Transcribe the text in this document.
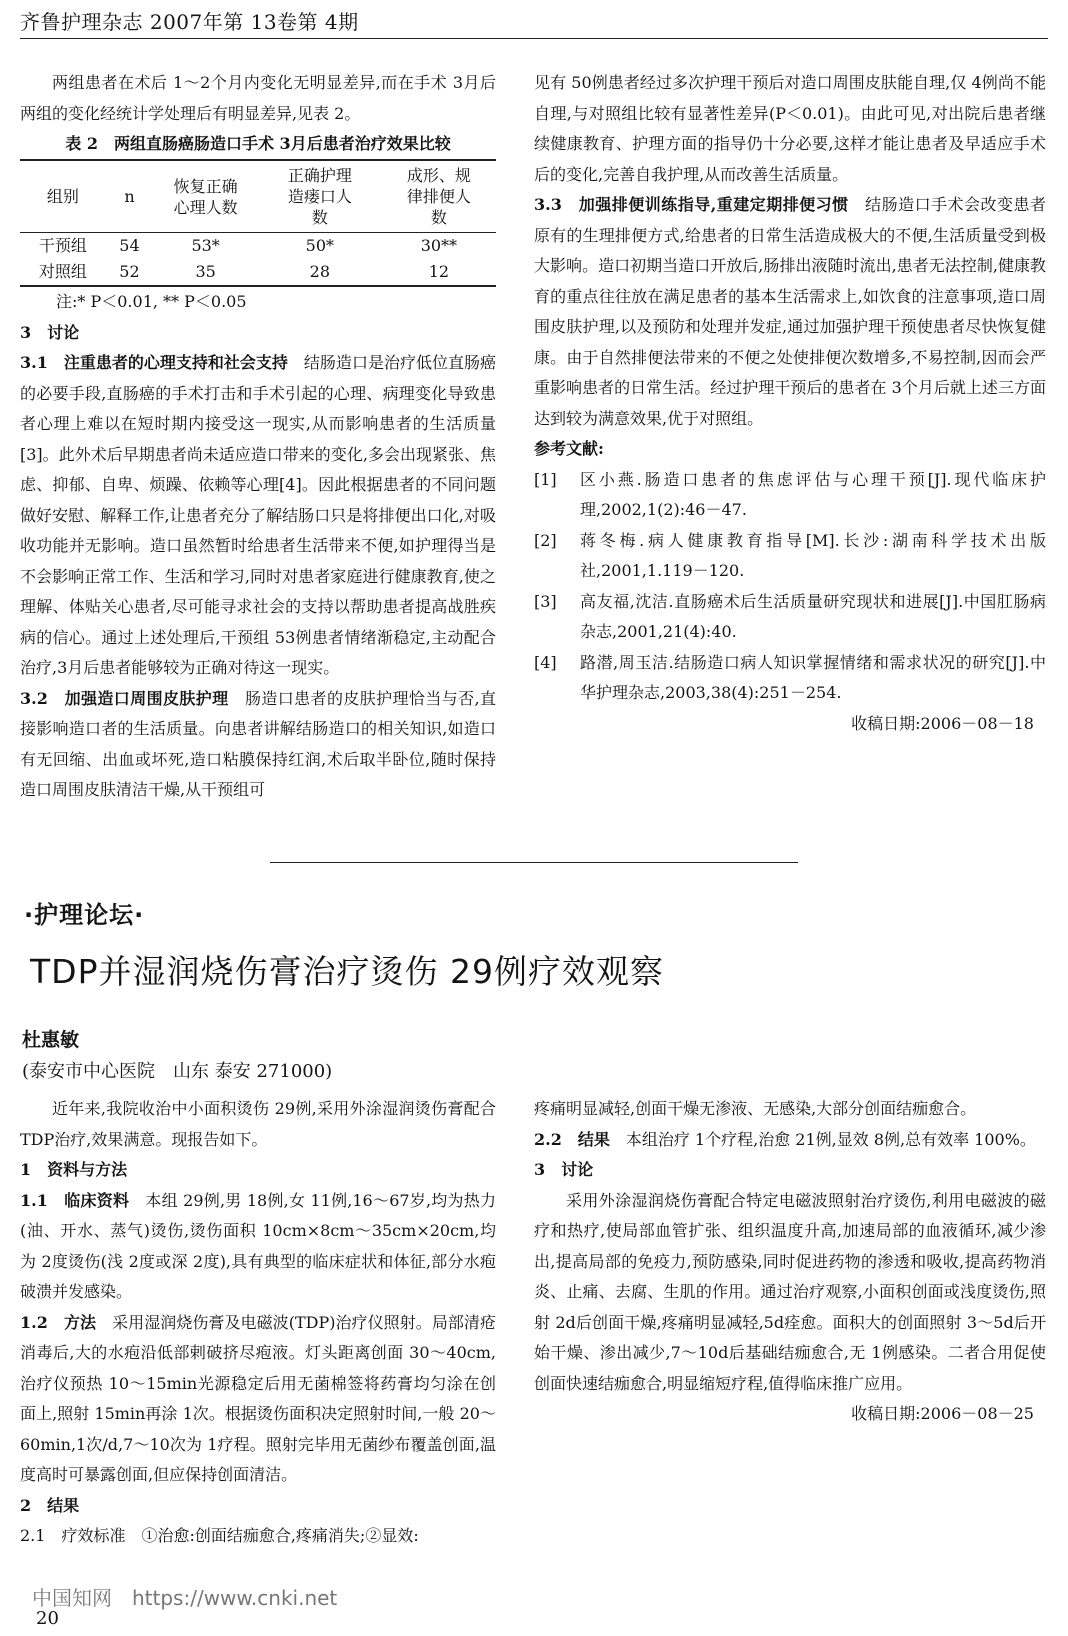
齐鲁护理杂志 2007年第 13卷第 4期

两组患者在术后 1～2个月内变化无明显差异,而在手术 3月后两组的变化经统计学处理后有明显差异,见表 2。

表 2　两组直肠癌肠造口手术 3月后患者治疗效果比较
组别	n	恢复正确心理人数	正确护理造瘘口人数	成形、规律排便人数
干预组	54	53*	50*	30**
对照组	52	35	28	12

注:* P＜0.01, ** P＜0.05

3　讨论

3.1　注重患者的心理支持和社会支持　结肠造口是治疗低位直肠癌的必要手段,直肠癌的手术打击和手术引起的心理、病理变化导致患者心理上难以在短时期内接受这一现实,从而影响患者的生活质量[3]。此外术后早期患者尚未适应造口带来的变化,多会出现紧张、焦虑、抑郁、自卑、烦躁、依赖等心理[4]。因此根据患者的不同问题做好安慰、解释工作,让患者充分了解结肠口只是将排便出口化,对吸收功能并无影响。造口虽然暂时给患者生活带来不便,如护理得当是不会影响正常工作、生活和学习,同时对患者家庭进行健康教育,使之理解、体贴关心患者,尽可能寻求社会的支持以帮助患者提高战胜疾病的信心。通过上述处理后,干预组 53例患者情绪渐稳定,主动配合治疗,3月后患者能够较为正确对待这一现实。

3.2　加强造口周围皮肤护理　肠造口患者的皮肤护理恰当与否,直接影响造口者的生活质量。向患者讲解结肠造口的相关知识,如造口有无回缩、出血或坏死,造口粘膜保持红润,术后取半卧位,随时保持造口周围皮肤清洁干燥,从干预组可

见有 50例患者经过多次护理干预后对造口周围皮肤能自理,仅 4例尚不能自理,与对照组比较有显著性差异(P＜0.01)。由此可见,对出院后患者继续健康教育、护理方面的指导仍十分必要,这样才能让患者及早适应手术后的变化,完善自我护理,从而改善生活质量。

3.3　加强排便训练指导,重建定期排便习惯　结肠造口手术会改变患者原有的生理排便方式,给患者的日常生活造成极大的不便,生活质量受到极大影响。造口初期当造口开放后,肠排出液随时流出,患者无法控制,健康教育的重点往往放在满足患者的基本生活需求上,如饮食的注意事项,造口周围皮肤护理,以及预防和处理并发症,通过加强护理干预使患者尽快恢复健康。由于自然排便法带来的不便之处使排便次数增多,不易控制,因而会严重影响患者的日常生活。经过护理干预后的患者在 3个月后就上述三方面达到较为满意效果,优于对照组。

参考文献:

[1]	区小燕.肠造口患者的焦虑评估与心理干预[J].现代临床护理,2002,1(2):46－47.
[2]	蒋冬梅.病人健康教育指导[M].长沙:湖南科学技术出版社,2001,1.119－120.
[3]	高友福,沈洁.直肠癌术后生活质量研究现状和进展[J].中国肛肠病杂志,2001,21(4):40.
[4]	路潜,周玉洁.结肠造口病人知识掌握情绪和需求状况的研究[J].中华护理杂志,2003,38(4):251－254.

收稿日期:2006－08－18

·护理论坛·
TDP并湿润烧伤膏治疗烫伤 29例疗效观察
杜惠敏
(泰安市中心医院　山东 泰安 271000)

近年来,我院收治中小面积烫伤 29例,采用外涂湿润烫伤膏配合 TDP治疗,效果满意。现报告如下。

1　资料与方法

1.1　临床资料　本组 29例,男 18例,女 11例,16～67岁,均为热力(油、开水、蒸气)烫伤,烫伤面积 10cm×8cm～35cm×20cm,均为 2度烫伤(浅 2度或深 2度),具有典型的临床症状和体征,部分水疱破溃并发感染。

1.2　方法　采用湿润烧伤膏及电磁波(TDP)治疗仪照射。局部清疮消毒后,大的水疱沿低部剌破挤尽疱液。灯头距离创面 30～40cm,治疗仪预热 10～15min光源稳定后用无菌棉签将药膏均匀涂在创面上,照射 15min再涂 1次。根据烫伤面积决定照射时间,一般 20～60min,1次/d,7～10次为 1疗程。照射完毕用无菌纱布覆盖创面,温度高时可暴露创面,但应保持创面清洁。

2　结果

2.1　疗效标准　①治愈:创面结痂愈合,疼痛消失;②显效:

疼痛明显减轻,创面干燥无渗液、无感染,大部分创面结痂愈合。

2.2　结果　本组治疗 1个疗程,治愈 21例,显效 8例,总有效率 100%。

3　讨论

采用外涂湿润烧伤膏配合特定电磁波照射治疗烫伤,利用电磁波的磁疗和热疗,使局部血管扩张、组织温度升高,加速局部的血液循环,减少渗出,提高局部的免疫力,预防感染,同时促进药物的渗透和吸收,提高药物消炎、止痛、去腐、生肌的作用。通过治疗观察,小面积创面或浅度烫伤,照射 2d后创面干燥,疼痛明显减轻,5d痊愈。面积大的创面照射 3～5d后开始干燥、渗出减少,7～10d后基础结痂愈合,无 1例感染。二者合用促使创面快速结痂愈合,明显缩短疗程,值得临床推广应用。

收稿日期:2006－08－25

中国知网　https://www.cnki.net
20
